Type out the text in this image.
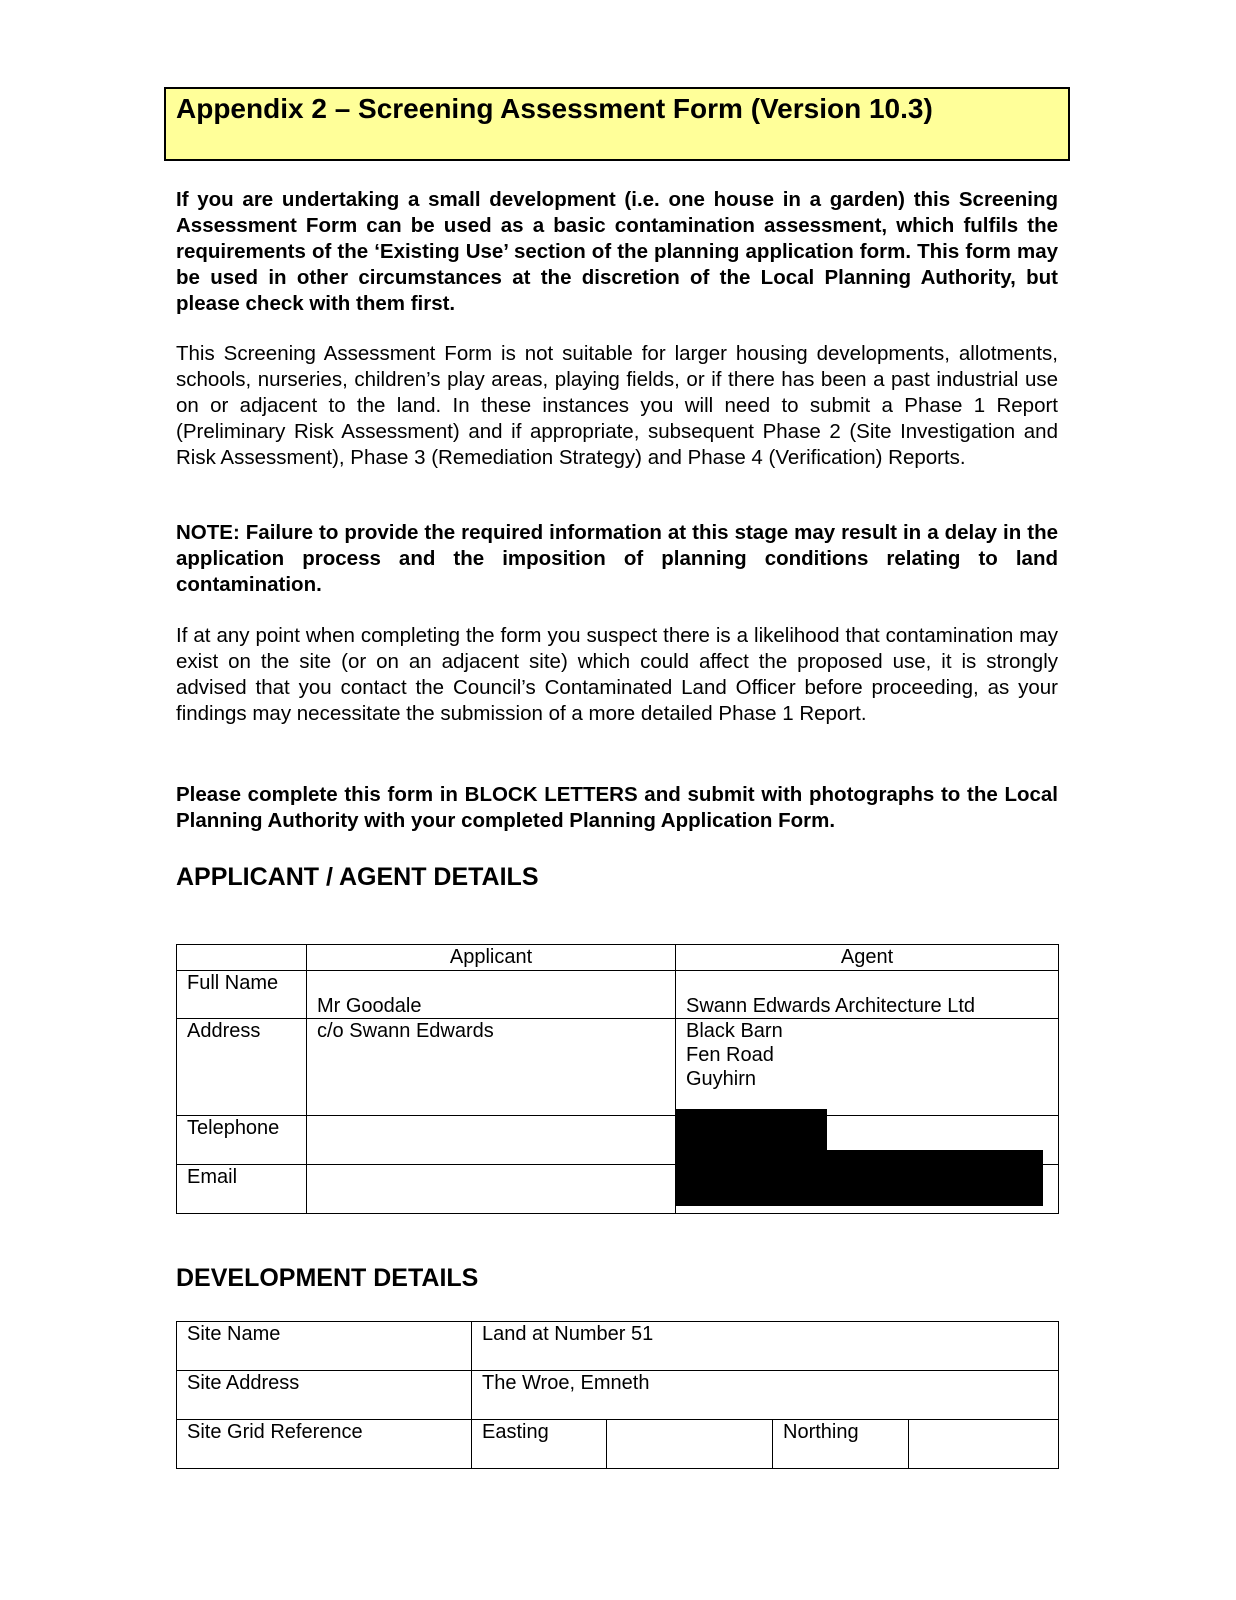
Appendix 2 – Screening Assessment Form (Version 10.3)

If you are undertaking a small development (i.e. one house in a garden) this Screening Assessment Form can be used as a basic contamination assessment, which fulfils the requirements of the ‘Existing Use’ section of the planning application form. This form may be used in other circumstances at the discretion of the Local Planning Authority, but please check with them first.

This Screening Assessment Form is not suitable for larger housing developments, allotments, schools, nurseries, children’s play areas, playing fields, or if there has been a past industrial use on or adjacent to the land. In these instances you will need to submit a Phase 1 Report (Preliminary Risk Assessment) and if appropriate, subsequent Phase 2 (Site Investigation and Risk Assessment), Phase 3 (Remediation Strategy) and Phase 4 (Verification) Reports.

NOTE: Failure to provide the required information at this stage may result in a delay in the application process and the imposition of planning conditions relating to land contamination.

If at any point when completing the form you suspect there is a likelihood that contamination may exist on the site (or on an adjacent site) which could affect the proposed use, it is strongly advised that you contact the Council’s Contaminated Land Officer before proceeding, as your findings may necessitate the submission of a more detailed Phase 1 Report.

Please complete this form in BLOCK LETTERS and submit with photographs to the Local Planning Authority with your completed Planning Application Form.

APPLICANT / AGENT DETAILS
	Applicant	Agent
Full Name	Mr Goodale	Swann Edwards Architecture Ltd
Address	c/o Swann Edwards	Black Barn
Fen Road
Guyhirn

Telephone		
Email		
DEVELOPMENT DETAILS
Site Name	Land at Number 51			
Site Address	The Wroe, Emneth			
Site Grid Reference	Easting		Northing	
